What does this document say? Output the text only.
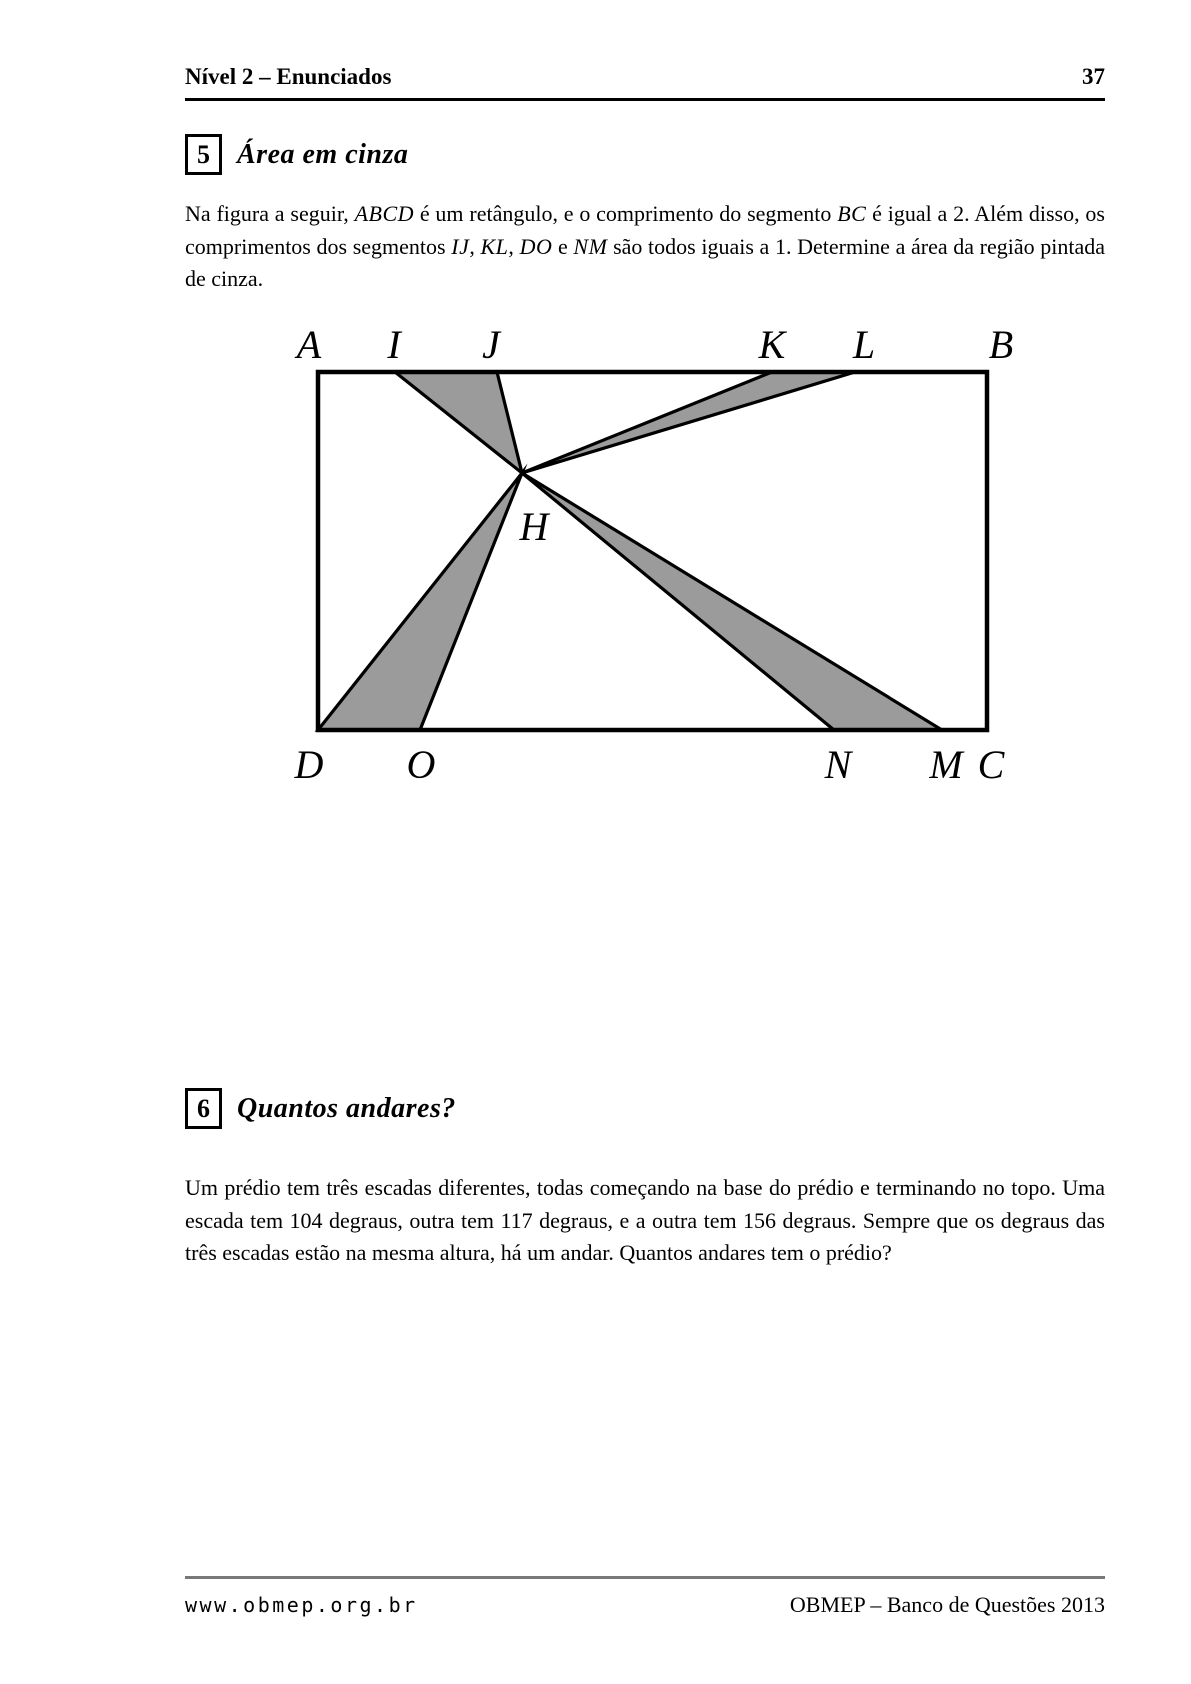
Nível 2 – Enunciados	37
5 Área em cinza

Na figura a seguir, ABCD é um retângulo, e o comprimento do segmento BC é igual a 2. Além disso, os comprimentos dos segmentos IJ, KL, DO e NM são todos iguais a 1. Determine a área da região pintada de cinza.

A I J	K L	B
D O	N M C
H
6 Quantos andares?

Um prédio tem três escadas diferentes, todas começando na base do prédio e terminando no topo. Uma escada tem 104 degraus, outra tem 117 degraus, e a outra tem 156 degraus. Sempre que os degraus das três escadas estão na mesma altura, há um andar. Quantos andares tem o prédio?

www.obmep.org.br	OBMEP – Banco de Questões 2013
